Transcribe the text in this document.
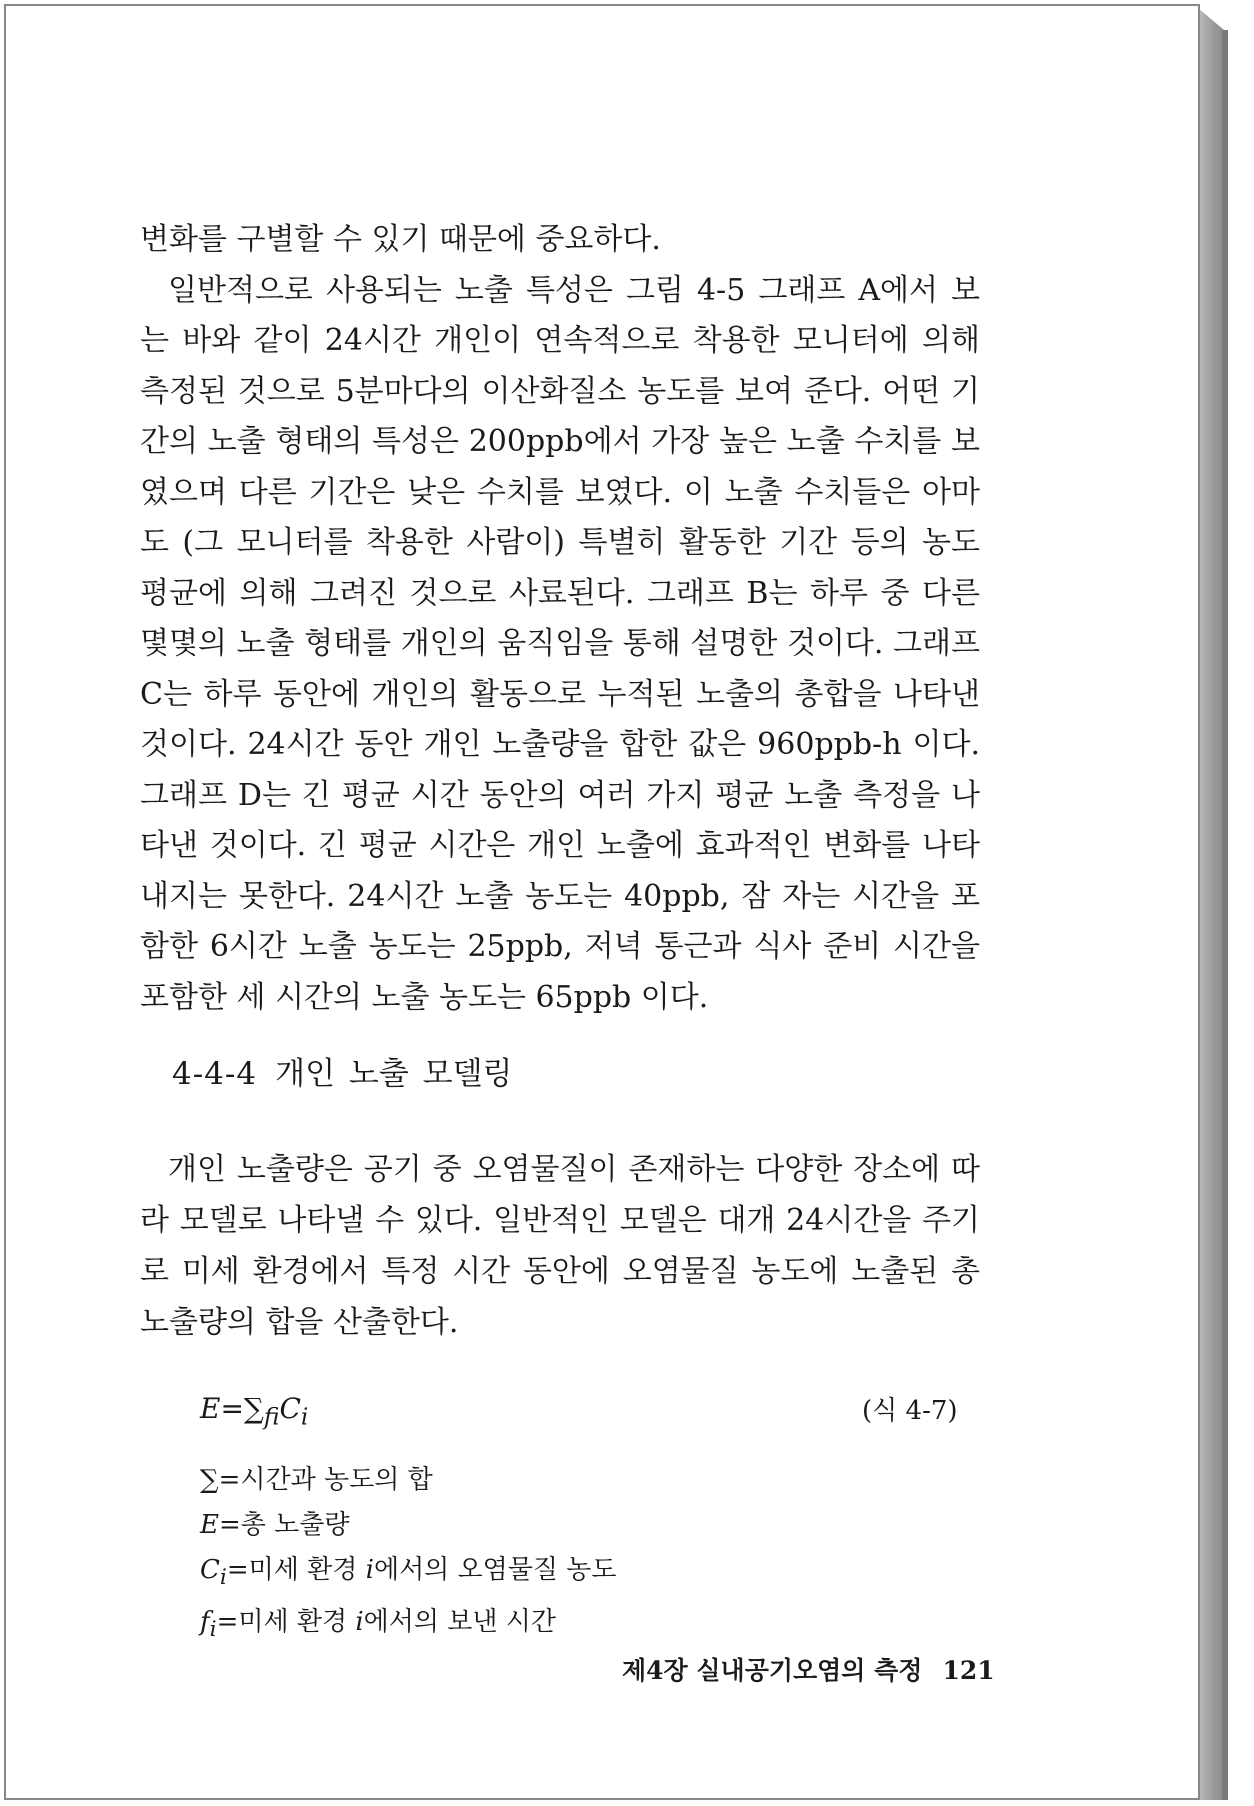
변화를 구별할 수 있기 때문에 중요하다.

일반적으로 사용되는 노출 특성은 그림 4-5 그래프 A에서 보는 바와 같이 24시간 개인이 연속적으로 착용한 모니터에 의해 측정된 것으로 5분마다의 이산화질소 농도를 보여 준다. 어떤 기간의 노출 형태의 특성은 200ppb에서 가장 높은 노출 수치를 보였으며 다른 기간은 낮은 수치를 보였다. 이 노출 수치들은 아마도 (그 모니터를 착용한 사람이) 특별히 활동한 기간 등의 농도 평균에 의해 그려진 것으로 사료된다. 그래프 B는 하루 중 다른 몇몇의 노출 형태를 개인의 움직임을 통해 설명한 것이다. 그래프 C는 하루 동안에 개인의 활동으로 누적된 노출의 총합을 나타낸 것이다. 24시간 동안 개인 노출량을 합한 값은 960ppb-h 이다. 그래프 D는 긴 평균 시간 동안의 여러 가지 평균 노출 측정을 나타낸 것이다. 긴 평균 시간은 개인 노출에 효과적인 변화를 나타내지는 못한다. 24시간 노출 농도는 40ppb, 잠 자는 시간을 포함한 6시간 노출 농도는 25ppb, 저녁 통근과 식사 준비 시간을 포함한 세 시간의 노출 농도는 65ppb 이다.

4-4-4 개인 노출 모델링

개인 노출량은 공기 중 오염물질이 존재하는 다양한 장소에 따라 모델로 나타낼 수 있다. 일반적인 모델은 대개 24시간을 주기로 미세 환경에서 특정 시간 동안에 오염물질 농도에 노출된 총 노출량의 합을 산출한다.

$E=\sum_fC_i$	(식 4-7)
∑=시간과 농도의 합
E=총 노출량
$C_i=$미세 환경 i에서의 오염물질 농도
$f_i=$미세 환경 i에서의 보낸 시간
제4장 실내공기오염의 측정 121
